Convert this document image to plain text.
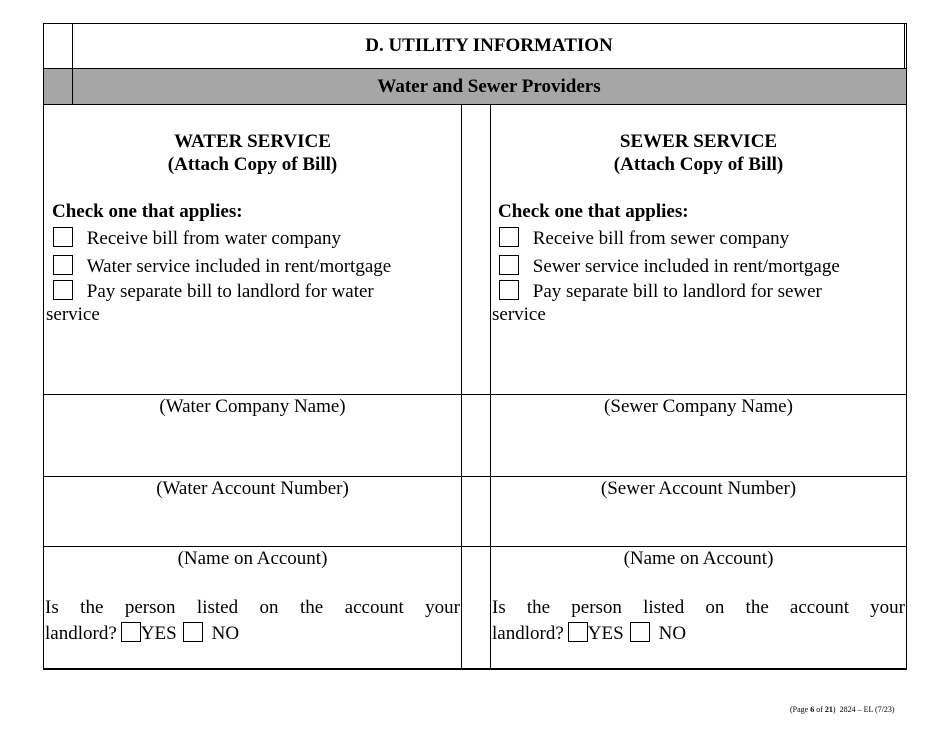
D. UTILITY INFORMATION
Water and Sewer Providers
WATER SERVICE
(Attach Copy of Bill)
Check one that applies:
Receive bill from water company
Water service included in rent/mortgage
Pay separate bill to landlord for water
service
(Water Company Name)
(Water Account Number)
(Name on Account)
Is the person listed on the account your
landlord? YES NO
SEWER SERVICE
(Attach Copy of Bill)
Check one that applies:
Receive bill from sewer company
Sewer service included in rent/mortgage
Pay separate bill to landlord for sewer
service
(Sewer Company Name)
(Sewer Account Number)
(Name on Account)
Is the person listed on the account your
landlord? YES NO
(Page 6 of 21) 2824 – EL (7/23)
